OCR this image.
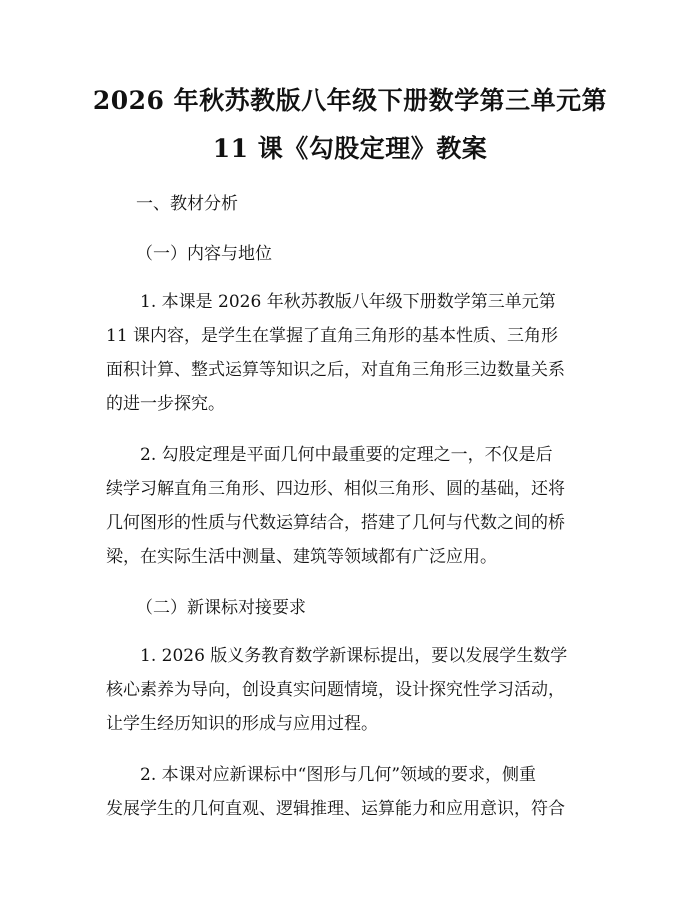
2026 年秋苏教版八年级下册数学第三单元第
11 课《勾股定理》教案
一、教材分析
（一）内容与地位
1. 本课是 2026 年秋苏教版八年级下册数学第三单元第
11 课内容，是学生在掌握了直角三角形的基本性质、三角形
面积计算、整式运算等知识之后，对直角三角形三边数量关系
的进一步探究。
2. 勾股定理是平面几何中最重要的定理之一，不仅是后
续学习解直角三角形、四边形、相似三角形、圆的基础，还将
几何图形的性质与代数运算结合，搭建了几何与代数之间的桥
梁，在实际生活中测量、建筑等领域都有广泛应用。
（二）新课标对接要求
1. 2026 版义务教育数学新课标提出，要以发展学生数学
核心素养为导向，创设真实问题情境，设计探究性学习活动，
让学生经历知识的形成与应用过程。
2. 本课对应新课标中“图形与几何”领域的要求，侧重
发展学生的几何直观、逻辑推理、运算能力和应用意识，符合
